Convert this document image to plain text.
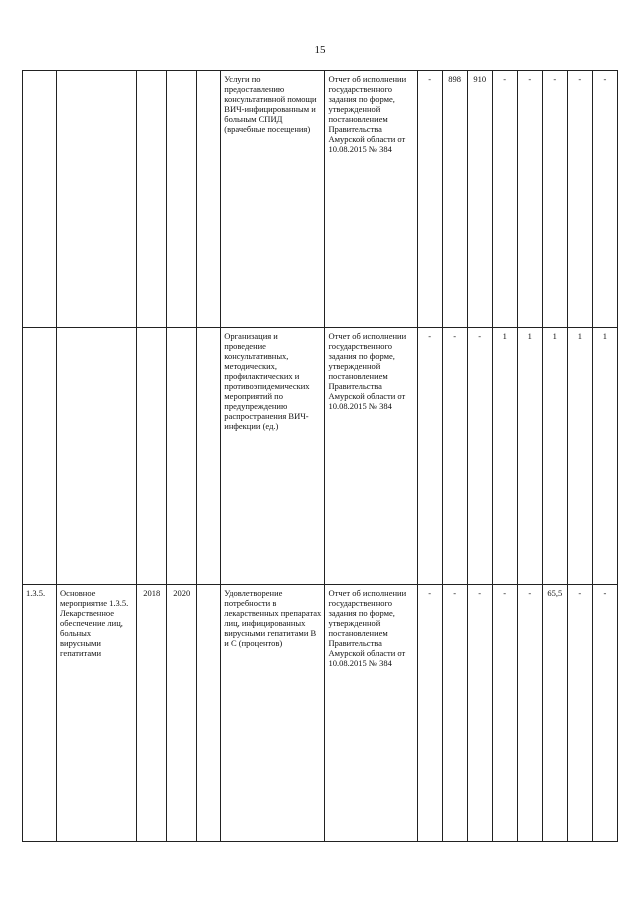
15
					Услуги по предоставлению консультативной помощи ВИЧ-инфицированным и больным СПИД (врачебные посещения)	Отчет об исполнении государственного задания по форме, утвержденной постановлением Правительства Амурской области от 10.08.2015 № 384	-	898	910	-	-	-	-	-
					Организация и проведение консультативных, методических, профилактических и противоэпидемических мероприятий по предупреждению распространения ВИЧ-инфекции (ед.)	Отчет об исполнении государственного задания по форме, утвержденной постановлением Правительства Амурской области от 10.08.2015 № 384	-	-	-	1	1	1	1	1
1.3.5.	Основное мероприятие 1.3.5. Лекарственное обеспечение лиц, больных вирусными гепатитами	2018	2020		Удовлетворение потребности в лекарственных препаратах лиц, инфицированных вирусными гепатитами В и С (процентов)	Отчет об исполнении государственного задания по форме, утвержденной постановлением Правительства Амурской области от 10.08.2015 № 384	-	-	-	-	-	65,5	-	-
